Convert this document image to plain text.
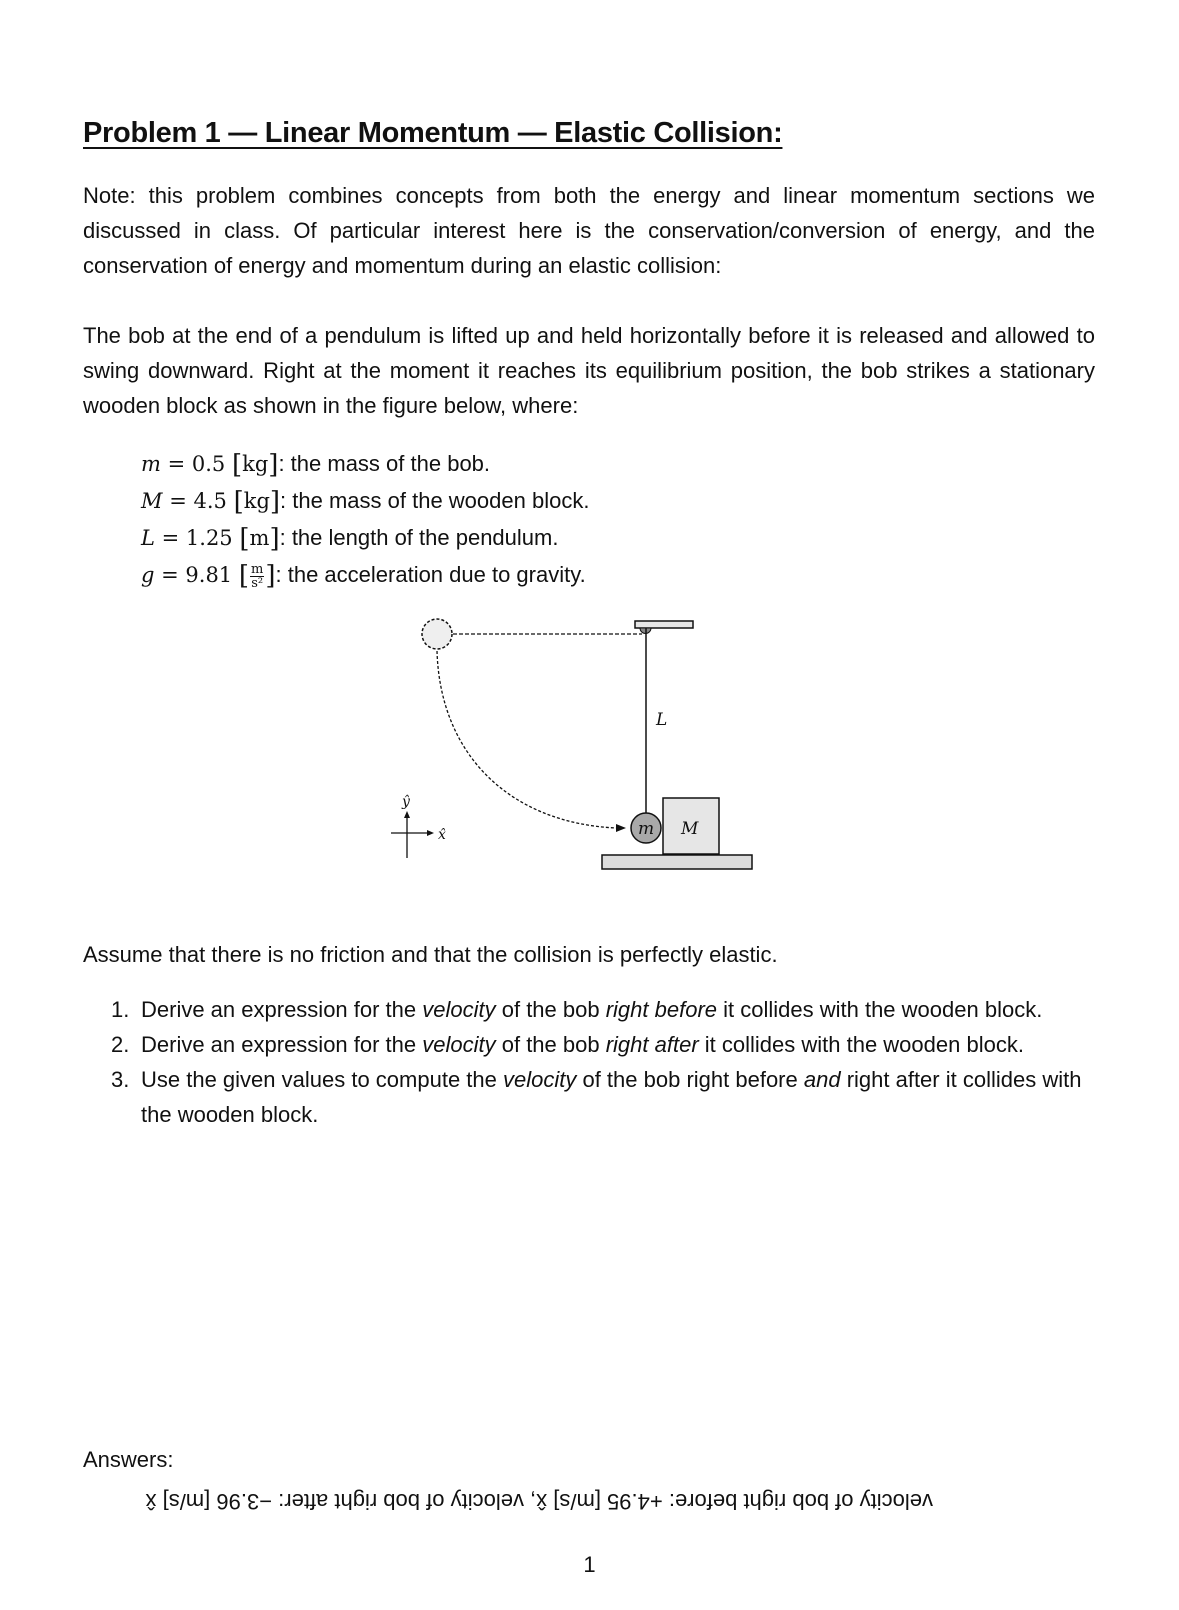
Problem 1 — Linear Momentum — Elastic Collision:
Note: this problem combines concepts from both the energy and linear momentum sections we discussed in class. Of particular interest here is the conservation/conversion of energy, and the conservation of energy and momentum during an elastic collision:
The bob at the end of a pendulum is lifted up and held horizontally before it is released and allowed to swing downward. Right at the moment it reaches its equilibrium position, the bob strikes a stationary wooden block as shown in the figure below, where:
m = 0.5 [kg]: the mass of the bob.
M = 4.5 [kg]: the mass of the wooden block.
L = 1.25 [m]: the length of the pendulum.
g = 9.81 [ $\frac{m}{\text{s²}}$ ]: the acceleration due to gravity.
L
m M
x̂
ŷ
Assume that there is no friction and that the collision is perfectly elastic.
1. Derive an expression for the velocity of the bob right before it collides with the wooden block.
2. Derive an expression for the velocity of the bob right after it collides with the wooden block.
3. Use the given values to compute the velocity of the bob right before and right after it collides with the wooden block.
Answers:
velocity of bob right before: +4.95 [m/s] x̂, velocity of bob right after: −3.96 [m/s] x̂
1
